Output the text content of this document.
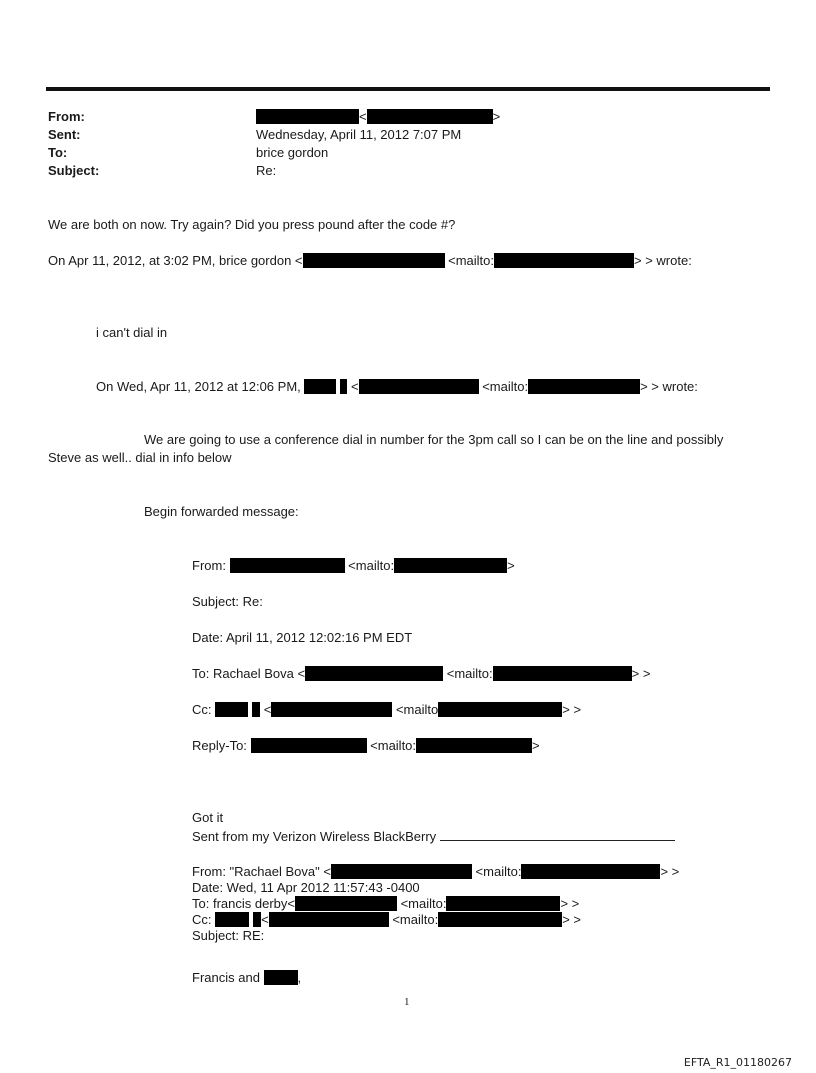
From:	<	>
Sent:	Wednesday, April 11, 2012 7:07 PM
To:	brice gordon
Subject:	Re:
We are both on now. Try again? Did you press pound after the code #?
On Apr 11, 2012, at 3:02 PM, brice gordon <	<mailto:	> > wrote:
i can't dial in
On Wed, Apr 11, 2012 at 12:06 PM,	<	<mailto:	> > wrote:
We are going to use a conference dial in number for the 3pm call so I can be on the line and possibly
Steve as well.. dial in info below
Begin forwarded message:
From:	<mailto:	>
Subject: Re:
Date: April 11, 2012 12:02:16 PM EDT
To: Rachael Bova <	<mailto:	> >
Cc:	<	<mailto	> >
Reply-To:	<mailto:	>
Got it
Sent from my Verizon Wireless BlackBerry
From: "Rachael Bova" <	<mailto:	> >
Date: Wed, 11 Apr 2012 11:57:43 -0400
To: francis derby<	<mailto:	> >
Cc:	<	<mailto:	> >
Subject: RE:
Francis and	,
1
EFTA_R1_01180267
